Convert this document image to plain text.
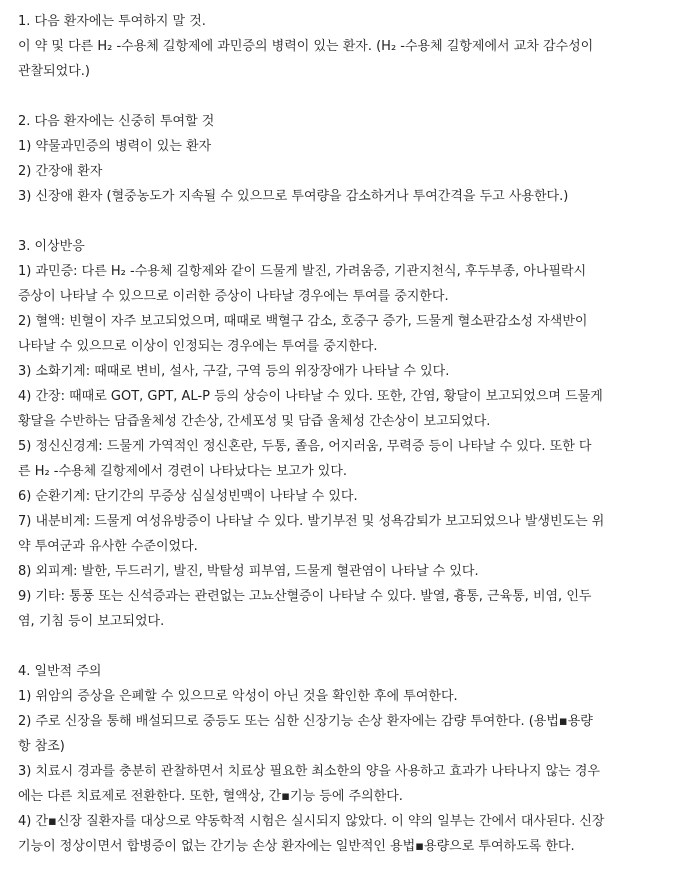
1. 다음 환자에는 투여하지 말 것.
이 약 및 다른 H₂ -수용체 길항제에 과민증의 병력이 있는 환자. (H₂ -수용체 길항제에서 교차 감수성이
관찰되었다.)
2. 다음 환자에는 신중히 투여할 것
1) 약물과민증의 병력이 있는 환자
2) 간장애 환자
3) 신장애 환자 (혈중농도가 지속될 수 있으므로 투여량을 감소하거나 투여간격을 두고 사용한다.)
3. 이상반응
1) 과민증: 다른 H₂ -수용체 길항제와 같이 드물게 발진, 가려움증, 기관지천식, 후두부종, 아나필락시
증상이 나타날 수 있으므로 이러한 증상이 나타날 경우에는 투여를 중지한다.
2) 혈액: 빈혈이 자주 보고되었으며, 때때로 백혈구 감소, 호중구 증가, 드물게 혈소판감소성 자색반이
나타날 수 있으므로 이상이 인정되는 경우에는 투여를 중지한다.
3) 소화기계: 때때로 변비, 설사, 구갈, 구역 등의 위장장애가 나타날 수 있다.
4) 간장: 때때로 GOT, GPT, AL-P 등의 상승이 나타날 수 있다. 또한, 간염, 황달이 보고되었으며 드물게
황달을 수반하는 담즙울체성 간손상, 간세포성 및 담즙 울체성 간손상이 보고되었다.
5) 정신신경계: 드물게 가역적인 정신혼란, 두통, 졸음, 어지러움, 무력증 등이 나타날 수 있다. 또한 다
른 H₂ -수용체 길항제에서 경련이 나타났다는 보고가 있다.
6) 순환기계: 단기간의 무증상 심실성빈맥이 나타날 수 있다.
7) 내분비계: 드물게 여성유방증이 나타날 수 있다. 발기부전 및 성욕감퇴가 보고되었으나 발생빈도는 위
약 투여군과 유사한 수준이었다.
8) 외피계: 발한, 두드러기, 발진, 박탈성 피부염, 드물게 혈관염이 나타날 수 있다.
9) 기타: 통풍 또는 신석증과는 관련없는 고뇨산혈증이 나타날 수 있다. 발열, 흉통, 근육통, 비염, 인두
염, 기침 등이 보고되었다.
4. 일반적 주의
1) 위암의 증상을 은폐할 수 있으므로 악성이 아닌 것을 확인한 후에 투여한다.
2) 주로 신장을 통해 배설되므로 중등도 또는 심한 신장기능 손상 환자에는 감량 투여한다. (용법▪용량
항 참조)
3) 치료시 경과를 충분히 관찰하면서 치료상 필요한 최소한의 양을 사용하고 효과가 나타나지 않는 경우
에는 다른 치료제로 전환한다. 또한, 혈액상, 간▪기능 등에 주의한다.
4) 간▪신장 질환자를 대상으로 약동학적 시험은 실시되지 않았다. 이 약의 일부는 간에서 대사된다. 신장
기능이 정상이면서 합병증이 없는 간기능 손상 환자에는 일반적인 용법▪용량으로 투여하도록 한다.
